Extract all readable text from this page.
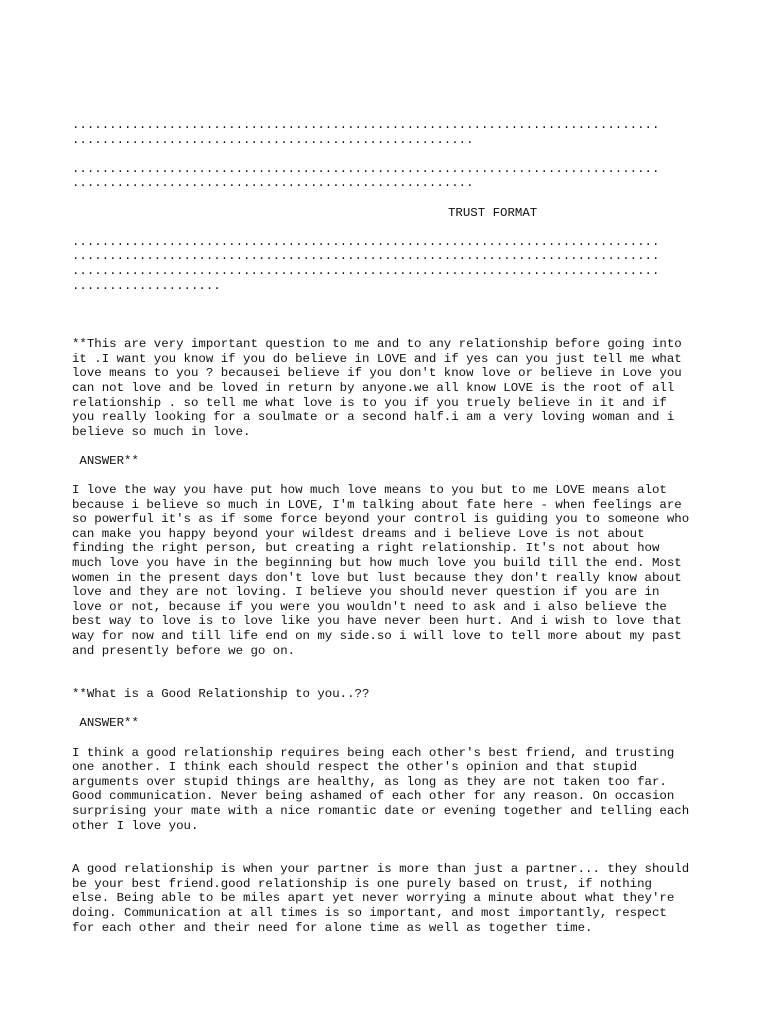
...............................................................................
......................................................
...............................................................................
......................................................
TRUST FORMAT
...............................................................................
...............................................................................
...............................................................................
....................
**This are very important question to me and to any relationship before going into
it .I want you know if you do believe in LOVE and if yes can you just tell me what
love means to you ? becausei believe if you don't know love or believe in Love you
can not love and be loved in return by anyone.we all know LOVE is the root of all
relationship . so tell me what love is to you if you truely believe in it and if
you really looking for a soulmate or a second half.i am a very loving woman and i
believe so much in love.
ANSWER**
I love the way you have put how much love means to you but to me LOVE means alot
because i believe so much in LOVE, I'm talking about fate here - when feelings are
so powerful it's as if some force beyond your control is guiding you to someone who
can make you happy beyond your wildest dreams and i believe Love is not about
finding the right person, but creating a right relationship. It's not about how
much love you have in the beginning but how much love you build till the end. Most
women in the present days don't love but lust because they don't really know about
love and they are not loving. I believe you should never question if you are in
love or not, because if you were you wouldn't need to ask and i also believe the
best way to love is to love like you have never been hurt. And i wish to love that
way for now and till life end on my side.so i will love to tell more about my past
and presently before we go on.
**What is a Good Relationship to you..??
ANSWER**
I think a good relationship requires being each other's best friend, and trusting
one another. I think each should respect the other's opinion and that stupid
arguments over stupid things are healthy, as long as they are not taken too far.
Good communication. Never being ashamed of each other for any reason. On occasion
surprising your mate with a nice romantic date or evening together and telling each
other I love you.
A good relationship is when your partner is more than just a partner... they should
be your best friend.good relationship is one purely based on trust, if nothing
else. Being able to be miles apart yet never worrying a minute about what they're
doing. Communication at all times is so important, and most importantly, respect
for each other and their need for alone time as well as together time.
